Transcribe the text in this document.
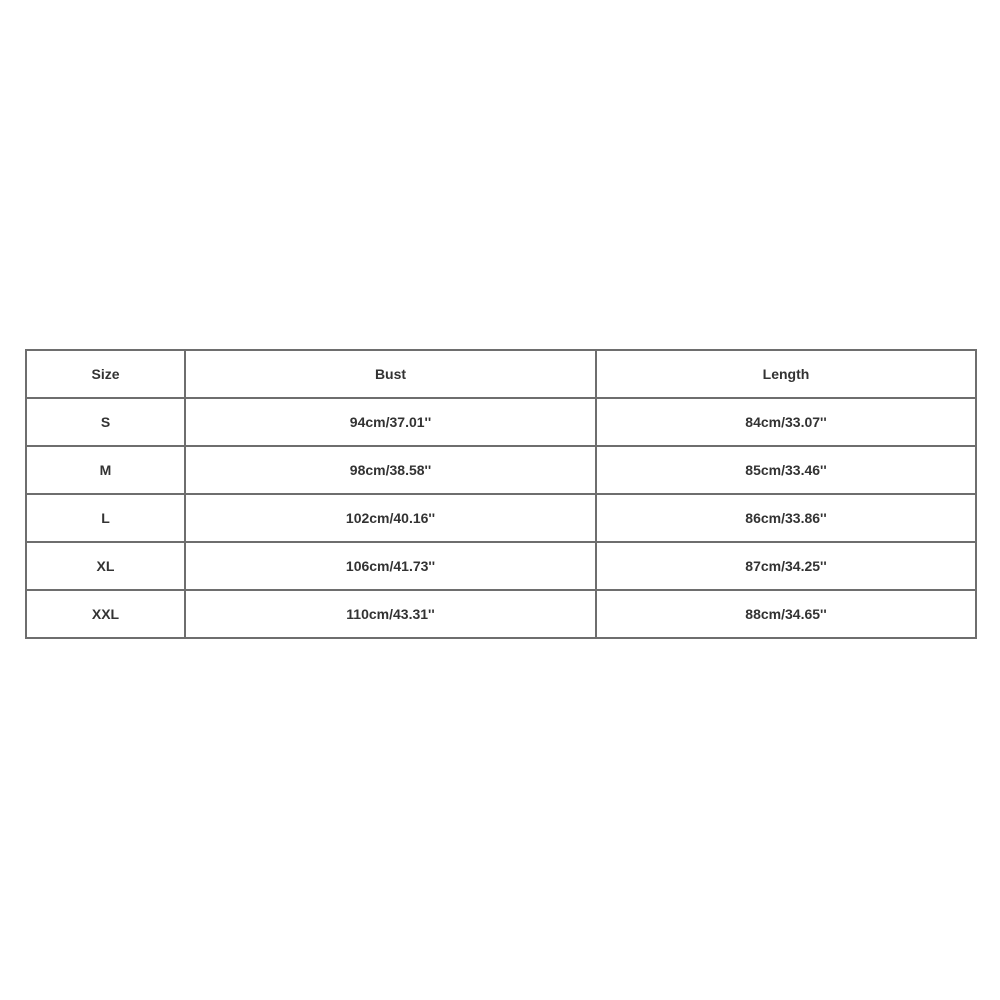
Size	Bust	Length
S	94cm/37.01''	84cm/33.07''
M	98cm/38.58''	85cm/33.46''
L	102cm/40.16''	86cm/33.86''
XL	106cm/41.73''	87cm/34.25''
XXL	110cm/43.31''	88cm/34.65''
